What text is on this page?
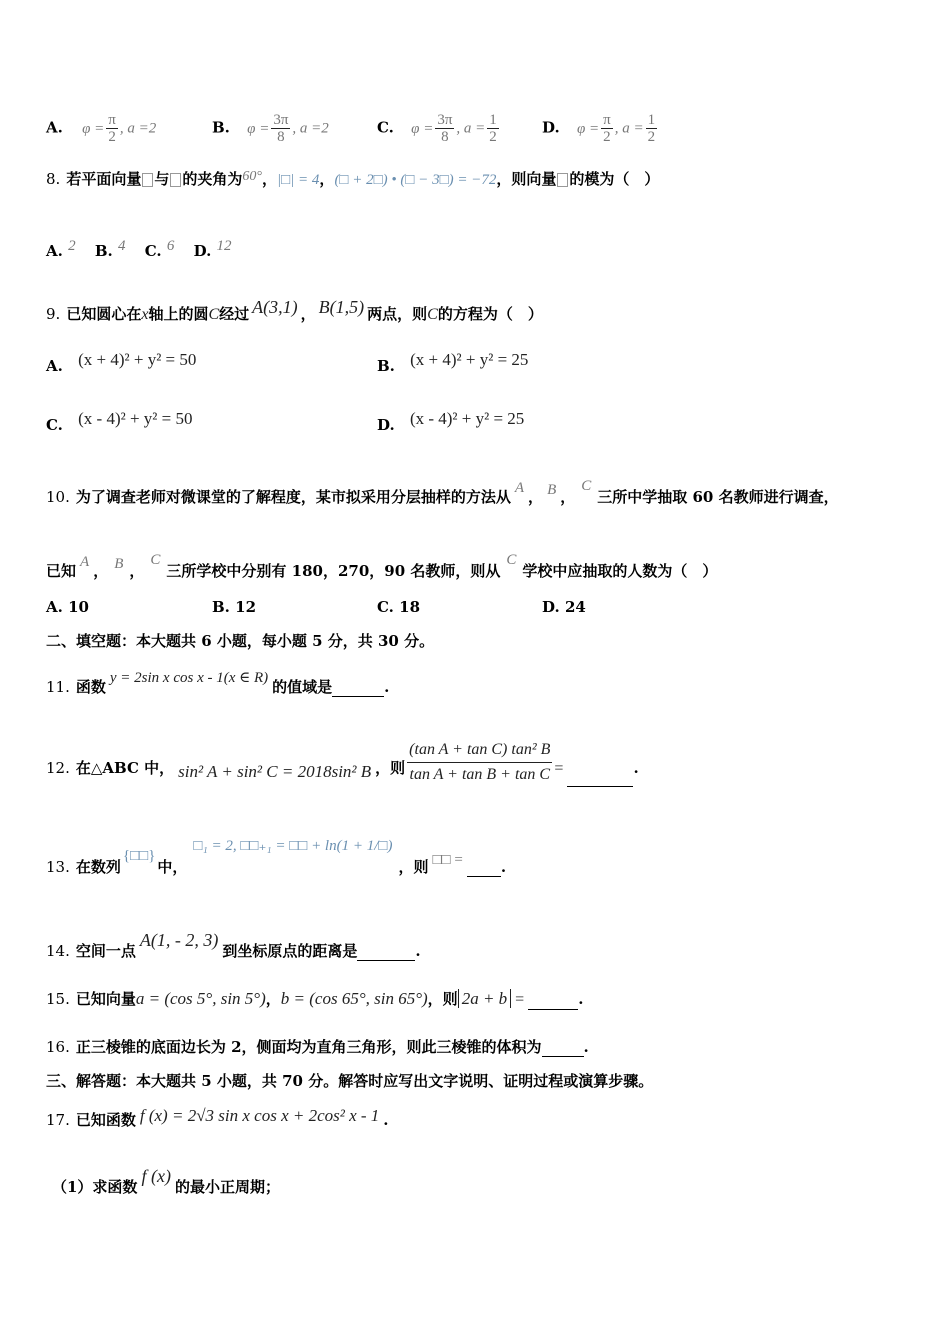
A. $\varphi = \frac{\pi}{2}$ , a =2	B. $\varphi = \frac{3\pi}{8}$ , a =2	C. $\varphi = \frac{3\pi}{8}$ , $a = \frac{1}{2}$	D. $\varphi = \frac{\pi}{2}$ , $a = \frac{1}{2}$
8. 若平面向量 与 的夹角为60°，|□| = 4，(□ + 2□) • (□ − 3□) = −72，则向量 的模为（　）
A. 2 B. 4 C. 6 D. 12
9. 已知圆心在x轴上的圆C经过 A(3,1) ， B(1,5) 两点，则C的方程为（　）
A. (x + 4)² + y² = 50	B. (x + 4)² + y² = 25
C. (x - 4)² + y² = 50	D. (x - 4)² + y² = 25
10. 为了调查老师对微课堂的了解程度，某市拟采用分层抽样的方法从 A ， B ，C三所中学抽取 60 名教师进行调查，
已知 A ， B ，C三所学校中分别有 180，270，90 名教师，则从C学校中应抽取的人数为（　）
A. 10	B. 12	C. 18	D. 24
二、填空题：本大题共 6 小题，每小题 5 分，共 30 分。
11. 函数 y = 2sin x cos x - 1(x ∈ R) 的值域是	.
12. 在△ABC 中， sin² A + sin² C = 2018sin² B ，则 $\frac{\text{(tan A + tan C) tan² B}}{\text{tan A + tan B + tan C}}$ =	.
13. 在数列{□□}中，□₁ = 2, □□₊₁ = □□ + ln(1 + 1/□)，则 □□ =	.
14. 空间一点A(1, - 2, 3)到坐标原点的距离是	.
15. 已知向量a = (cos 5°, sin 5°)，b = (cos 65°, sin 65°)，则 2a + b =	.
16. 正三棱锥的底面边长为 2，侧面均为直角三角形，则此三棱锥的体积为	.
三、解答题：本大题共 5 小题，共 70 分。解答时应写出文字说明、证明过程或演算步骤。
17. 已知函数 f (x) = 2√3 sin x cos x + 2cos² x - 1 .
（1）求函数f (x)的最小正周期；
